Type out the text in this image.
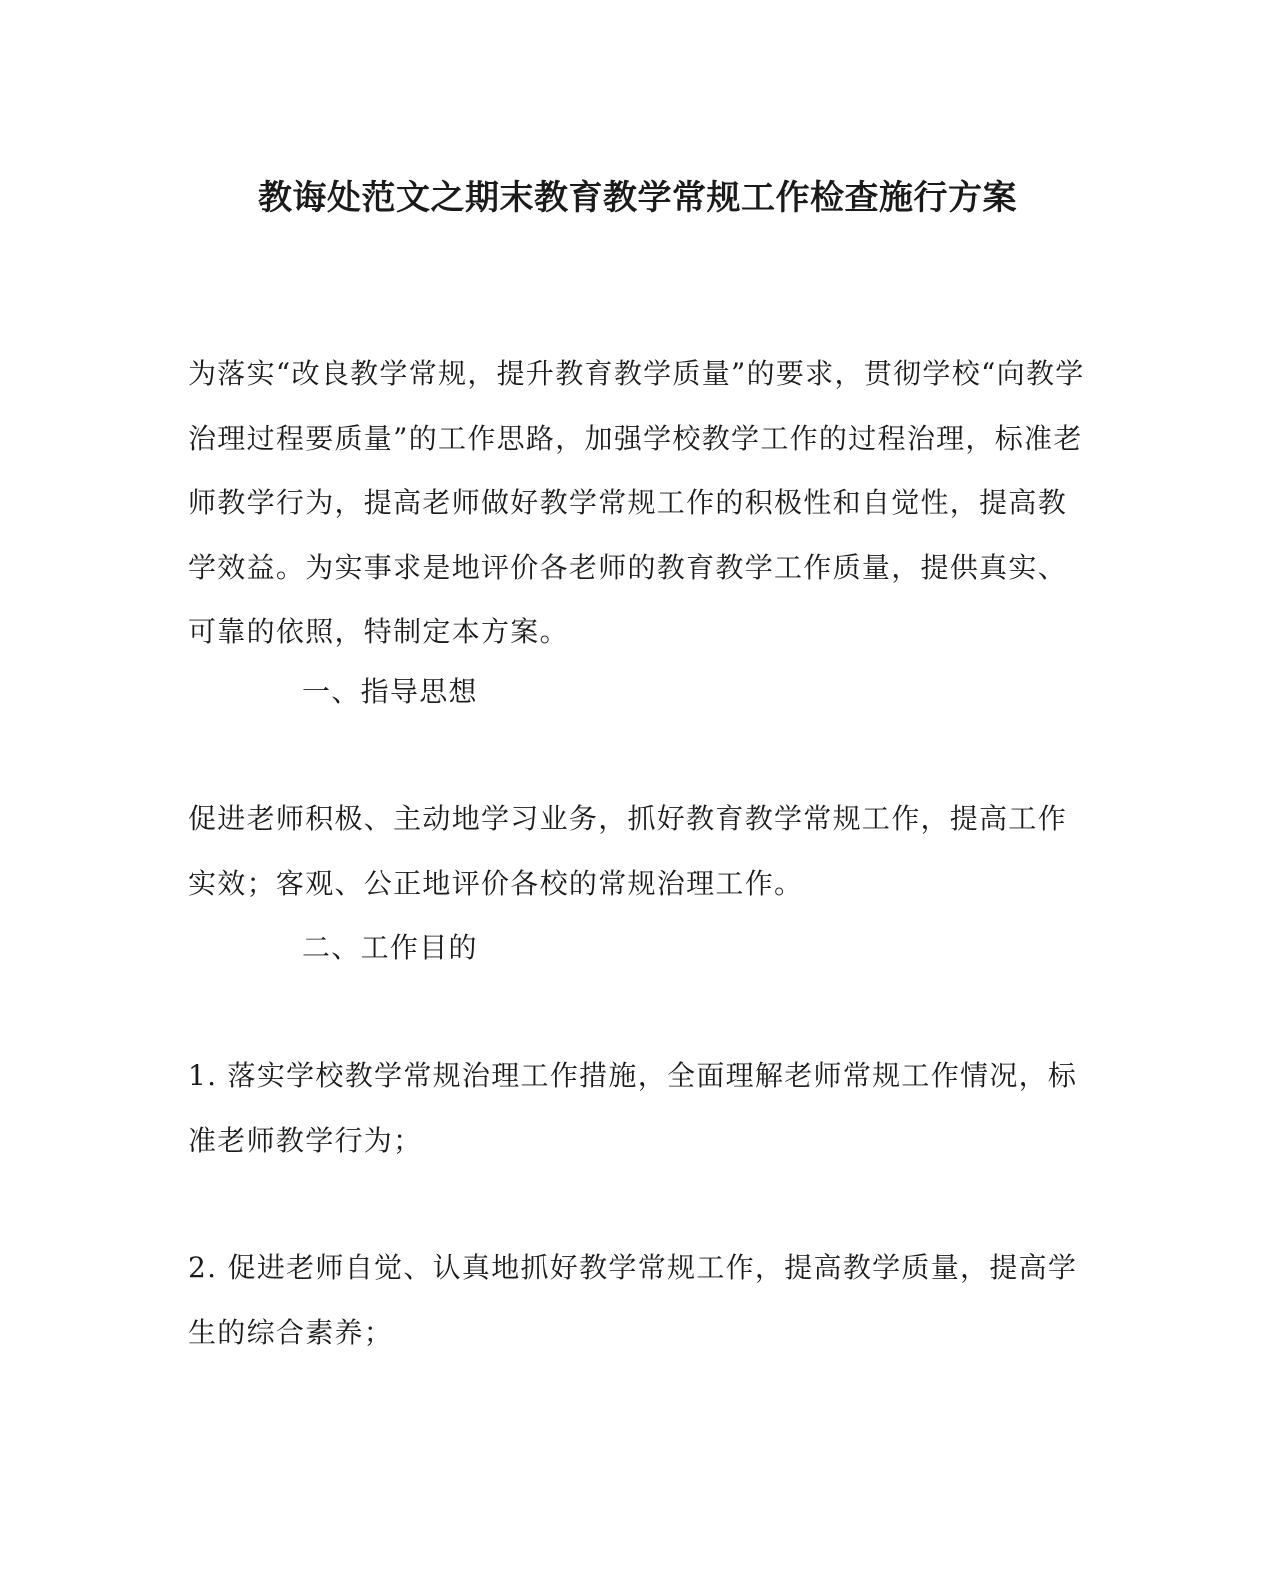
教诲处范文之期末教育教学常规工作检查施行方案
为落实“改良教学常规，提升教育教学质量”的要求，贯彻学校“向教学
治理过程要质量”的工作思路，加强学校教学工作的过程治理，标准老
师教学行为，提高老师做好教学常规工作的积极性和自觉性，提高教
学效益。为实事求是地评价各老师的教育教学工作质量，提供真实、
可靠的依照，特制定本方案。
一、指导思想
促进老师积极、主动地学习业务，抓好教育教学常规工作，提高工作
实效；客观、公正地评价各校的常规治理工作。
二、工作目的
1. 落实学校教学常规治理工作措施，全面理解老师常规工作情况，标
准老师教学行为；
2. 促进老师自觉、认真地抓好教学常规工作，提高教学质量，提高学
生的综合素养；
